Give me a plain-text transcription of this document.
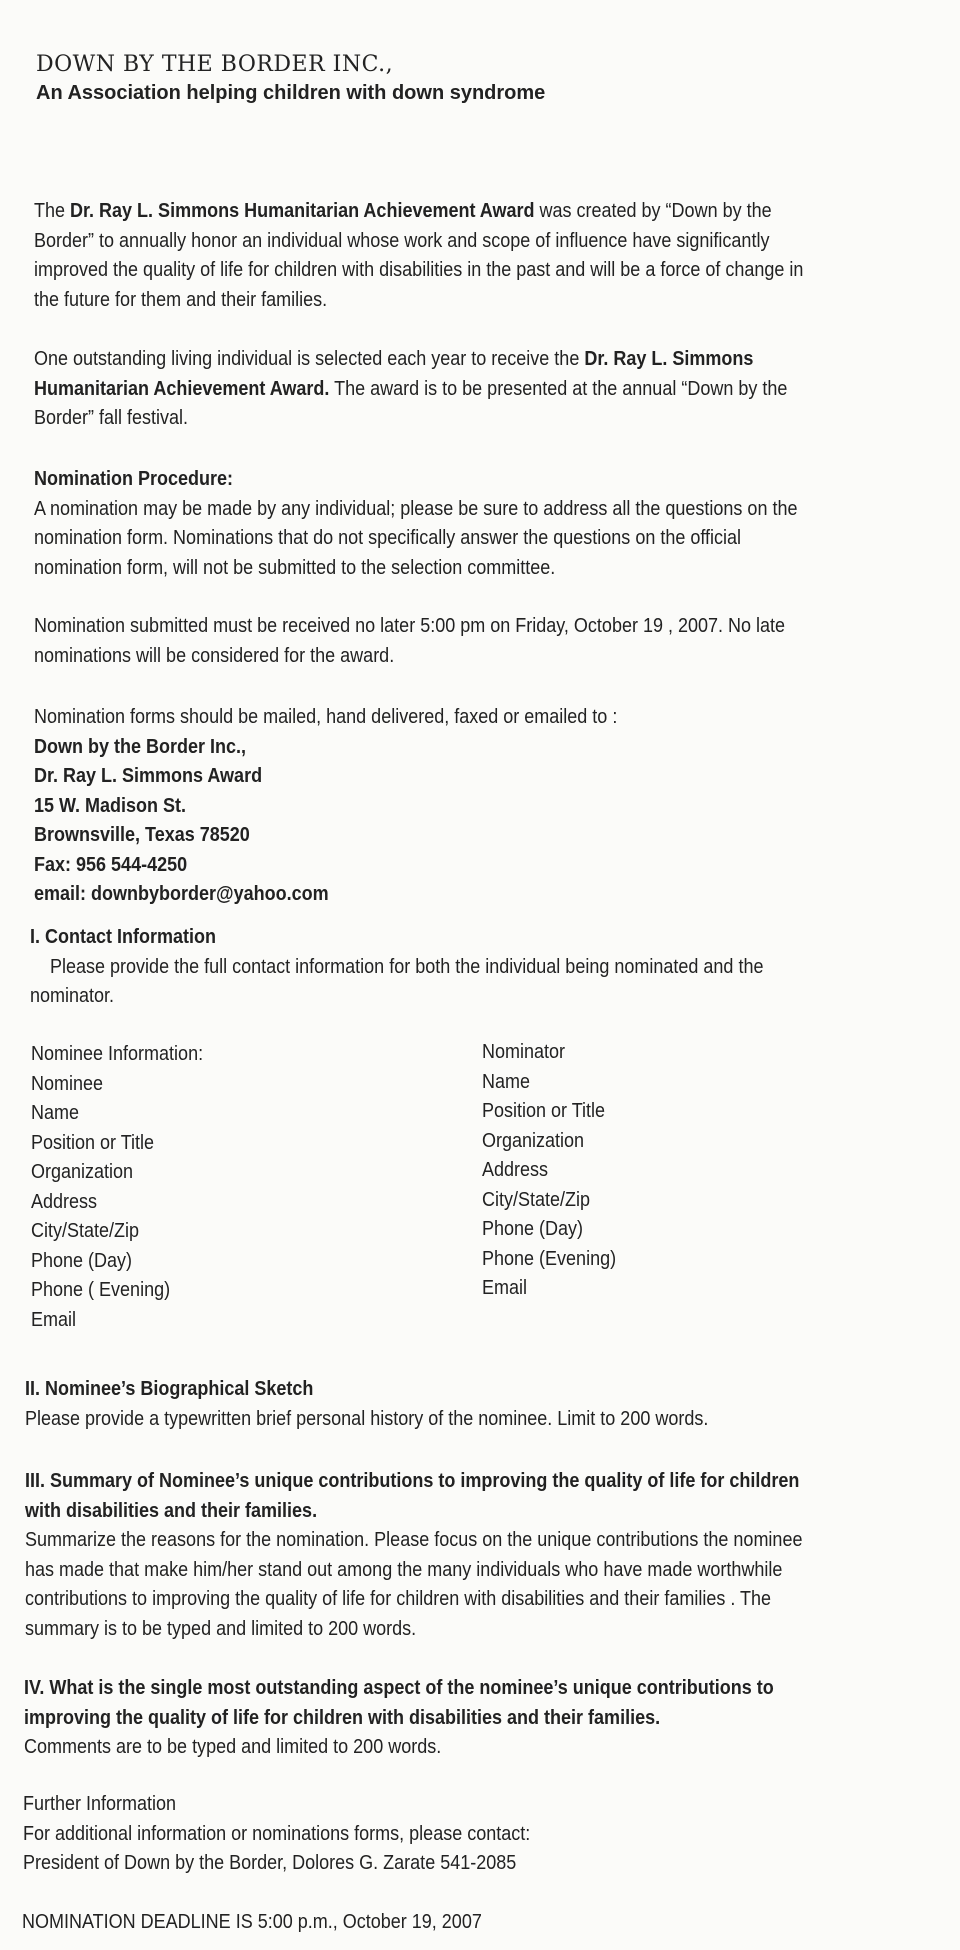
DOWN BY THE BORDER INC.,
An Association helping children with down syndrome
The Dr. Ray L. Simmons Humanitarian Achievement Award was created by “Down by the
Border” to annually honor an individual whose work and scope of influence have significantly
improved the quality of life for children with disabilities in the past and will be a force of change in
the future for them and their families.
One outstanding living individual is selected each year to receive the Dr. Ray L. Simmons
Humanitarian Achievement Award. The award is to be presented at the annual “Down by the
Border” fall festival.
Nomination Procedure:
A nomination may be made by any individual; please be sure to address all the questions on the
nomination form. Nominations that do not specifically answer the questions on the official
nomination form, will not be submitted to the selection committee.
Nomination submitted must be received no later 5:00 pm on Friday, October 19 , 2007. No late
nominations will be considered for the award.
Nomination forms should be mailed, hand delivered, faxed or emailed to :
Down by the Border Inc.,
Dr. Ray L. Simmons Award
15 W. Madison St.
Brownsville, Texas 78520
Fax: 956 544-4250
email: downbyborder@yahoo.com
I. Contact Information
Please provide the full contact information for both the individual being nominated and the
nominator.
Nominee Information:
Nominee
Name
Position or Title
Organization
Address
City/State/Zip
Phone (Day)
Phone ( Evening)
Email
Nominator
Name
Position or Title
Organization
Address
City/State/Zip
Phone (Day)
Phone (Evening)
Email
II. Nominee’s Biographical Sketch
Please provide a typewritten brief personal history of the nominee. Limit to 200 words.
III. Summary of Nominee’s unique contributions to improving the quality of life for children
with disabilities and their families.
Summarize the reasons for the nomination. Please focus on the unique contributions the nominee
has made that make him/her stand out among the many individuals who have made worthwhile
contributions to improving the quality of life for children with disabilities and their families . The
summary is to be typed and limited to 200 words.
IV. What is the single most outstanding aspect of the nominee’s unique contributions to
improving the quality of life for children with disabilities and their families.
Comments are to be typed and limited to 200 words.
Further Information
For additional information or nominations forms, please contact:
President of Down by the Border, Dolores G. Zarate 541-2085
NOMINATION DEADLINE IS 5:00 p.m., October 19, 2007
